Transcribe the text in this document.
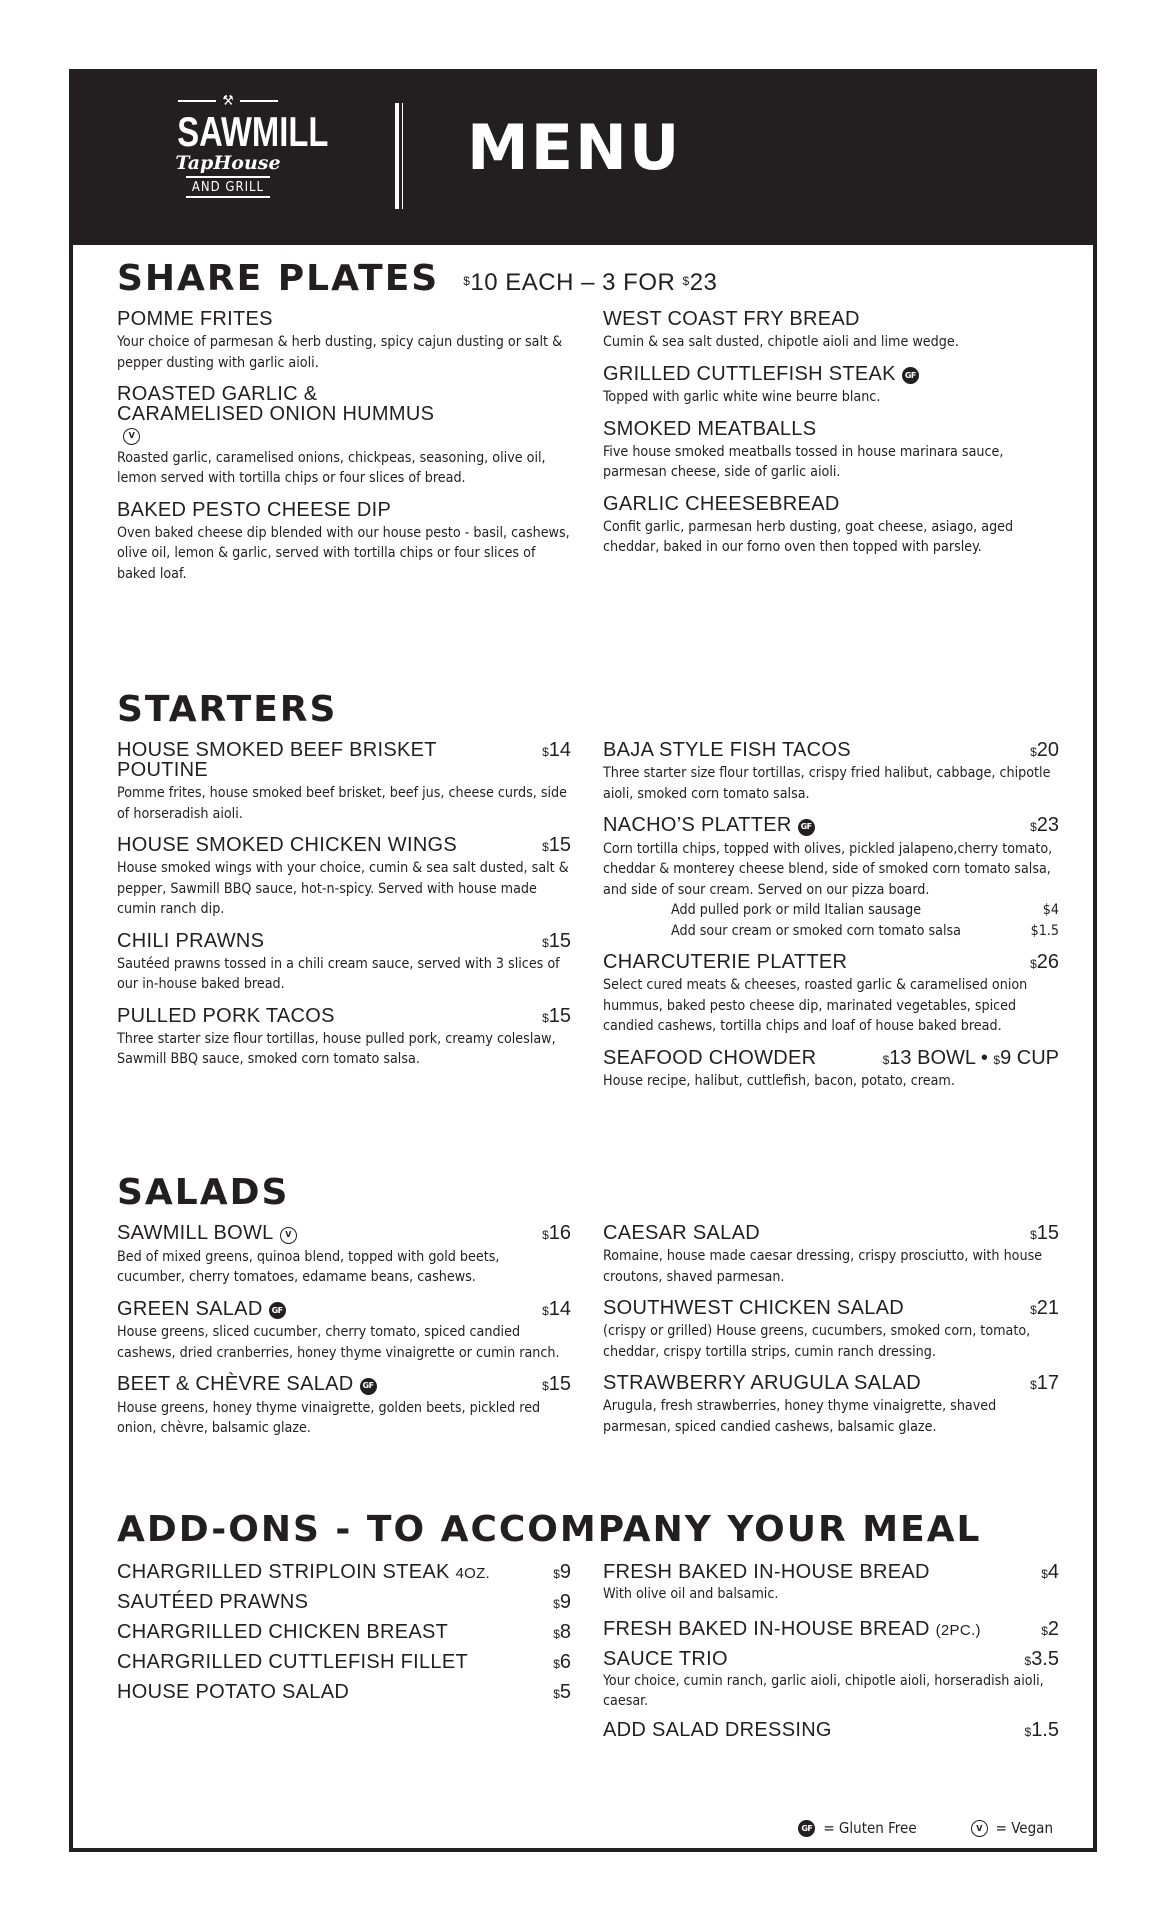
⚒
SAWMILL
TapHouse
AND GRILL
MENU
SHARE PLATES $10 EACH – 3 FOR $23
POMME FRITES
Your choice of parmesan & herb dusting, spicy cajun dusting or salt & pepper dusting with garlic aioli.
ROASTED GARLIC & CARAMELISED ONION HUMMUSV
Roasted garlic, caramelised onions, chickpeas, seasoning, olive oil, lemon served with tortilla chips or four slices of bread.
BAKED PESTO CHEESE DIP
Oven baked cheese dip blended with our house pesto - basil, cashews, olive oil, lemon & garlic, served with tortilla chips or four slices of baked loaf.
WEST COAST FRY BREAD
Cumin & sea salt dusted, chipotle aioli and lime wedge.
GRILLED CUTTLEFISH STEAK GF
Topped with garlic white wine beurre blanc.
SMOKED MEATBALLS
Five house smoked meatballs tossed in house marinara sauce, parmesan cheese, side of garlic aioli.
GARLIC CHEESEBREAD
Confit garlic, parmesan herb dusting, goat cheese, asiago, aged cheddar, baked in our forno oven then topped with parsley.
STARTERS
HOUSE SMOKED BEEF BRISKET POUTINE
$14
Pomme frites, house smoked beef brisket, beef jus, cheese curds, side of horseradish aioli.
HOUSE SMOKED CHICKEN WINGS	$15
House smoked wings with your choice, cumin & sea salt dusted, salt & pepper, Sawmill BBQ sauce, hot-n-spicy. Served with house made cumin ranch dip.
CHILI PRAWNS	$15
Sautéed prawns tossed in a chili cream sauce, served with 3 slices of our in-house baked bread.
PULLED PORK TACOS	$15
Three starter size flour tortillas, house pulled pork, creamy coleslaw, Sawmill BBQ sauce, smoked corn tomato salsa.
BAJA STYLE FISH TACOS	$20
Three starter size flour tortillas, crispy fried halibut, cabbage, chipotle aioli, smoked corn tomato salsa.
NACHO’S PLATTER GF	$23
Corn tortilla chips, topped with olives, pickled jalapeno,cherry tomato, cheddar & monterey cheese blend, side of smoked corn tomato salsa, and side of sour cream. Served on our pizza board.
Add pulled pork or mild Italian sausage	$4
Add sour cream or smoked corn tomato salsa	$1.5
CHARCUTERIE PLATTER	$26
Select cured meats & cheeses, roasted garlic & caramelised onion hummus, baked pesto cheese dip, marinated vegetables, spiced candied cashews, tortilla chips and loaf of house baked bread.
SEAFOOD CHOWDER	$13 BOWL • $9 CUP
House recipe, halibut, cuttlefish, bacon, potato, cream.
SALADS
SAWMILL BOWL V	$16
Bed of mixed greens, quinoa blend, topped with gold beets, cucumber, cherry tomatoes, edamame beans, cashews.
GREEN SALAD GF	$14
House greens, sliced cucumber, cherry tomato, spiced candied cashews, dried cranberries, honey thyme vinaigrette or cumin ranch.
BEET & CHÈVRE SALAD GF	$15
House greens, honey thyme vinaigrette, golden beets, pickled red onion, chèvre, balsamic glaze.
CAESAR SALAD	$15
Romaine, house made caesar dressing, crispy prosciutto, with house croutons, shaved parmesan.
SOUTHWEST CHICKEN SALAD	$21
(crispy or grilled) House greens, cucumbers, smoked corn, tomato, cheddar, crispy tortilla strips, cumin ranch dressing.
STRAWBERRY ARUGULA SALAD	$17
Arugula, fresh strawberries, honey thyme vinaigrette, shaved parmesan, spiced candied cashews, balsamic glaze.
ADD-ONS - TO ACCOMPANY YOUR MEAL
CHARGRILLED STRIPLOIN STEAK 4OZ.	$9
SAUTÉED PRAWNS	$9
CHARGRILLED CHICKEN BREAST	$8
CHARGRILLED CUTTLEFISH FILLET	$6
HOUSE POTATO SALAD	$5
FRESH BAKED IN-HOUSE BREAD	$4
With olive oil and balsamic.
FRESH BAKED IN-HOUSE BREAD (2PC.)	$2
SAUCE TRIO	$3.5
Your choice, cumin ranch, garlic aioli, chipotle aioli, horseradish aioli, caesar.
ADD SALAD DRESSING	$1.5
GF = Gluten Free	V = Vegan
